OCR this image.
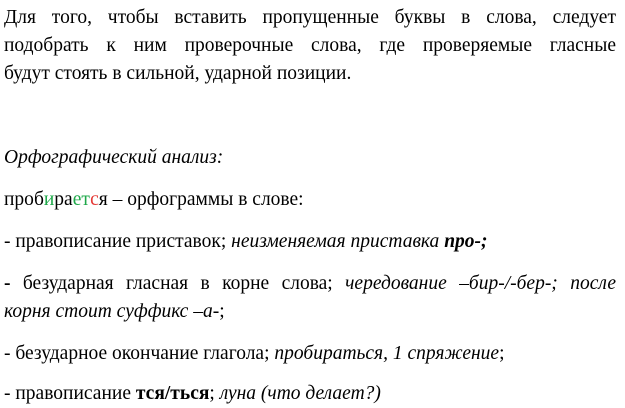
Для того, чтобы вставить пропущенные буквы в слова, следует
подобрать к ним проверочные слова, где проверяемые гласные
будут стоять в сильной, ударной позиции.
Орфографический анализ:
пробирается – орфограммы в слове:
- правописание приставок; неизменяемая приставка про-;
- безударная гласная в корне слова; чередование –бир-/-бер-; после
корня стоит суффикс –а-;
- безударное окончание глагола; пробираться, 1 спряжение;
- правописание тся/ться; луна (что делает?)
